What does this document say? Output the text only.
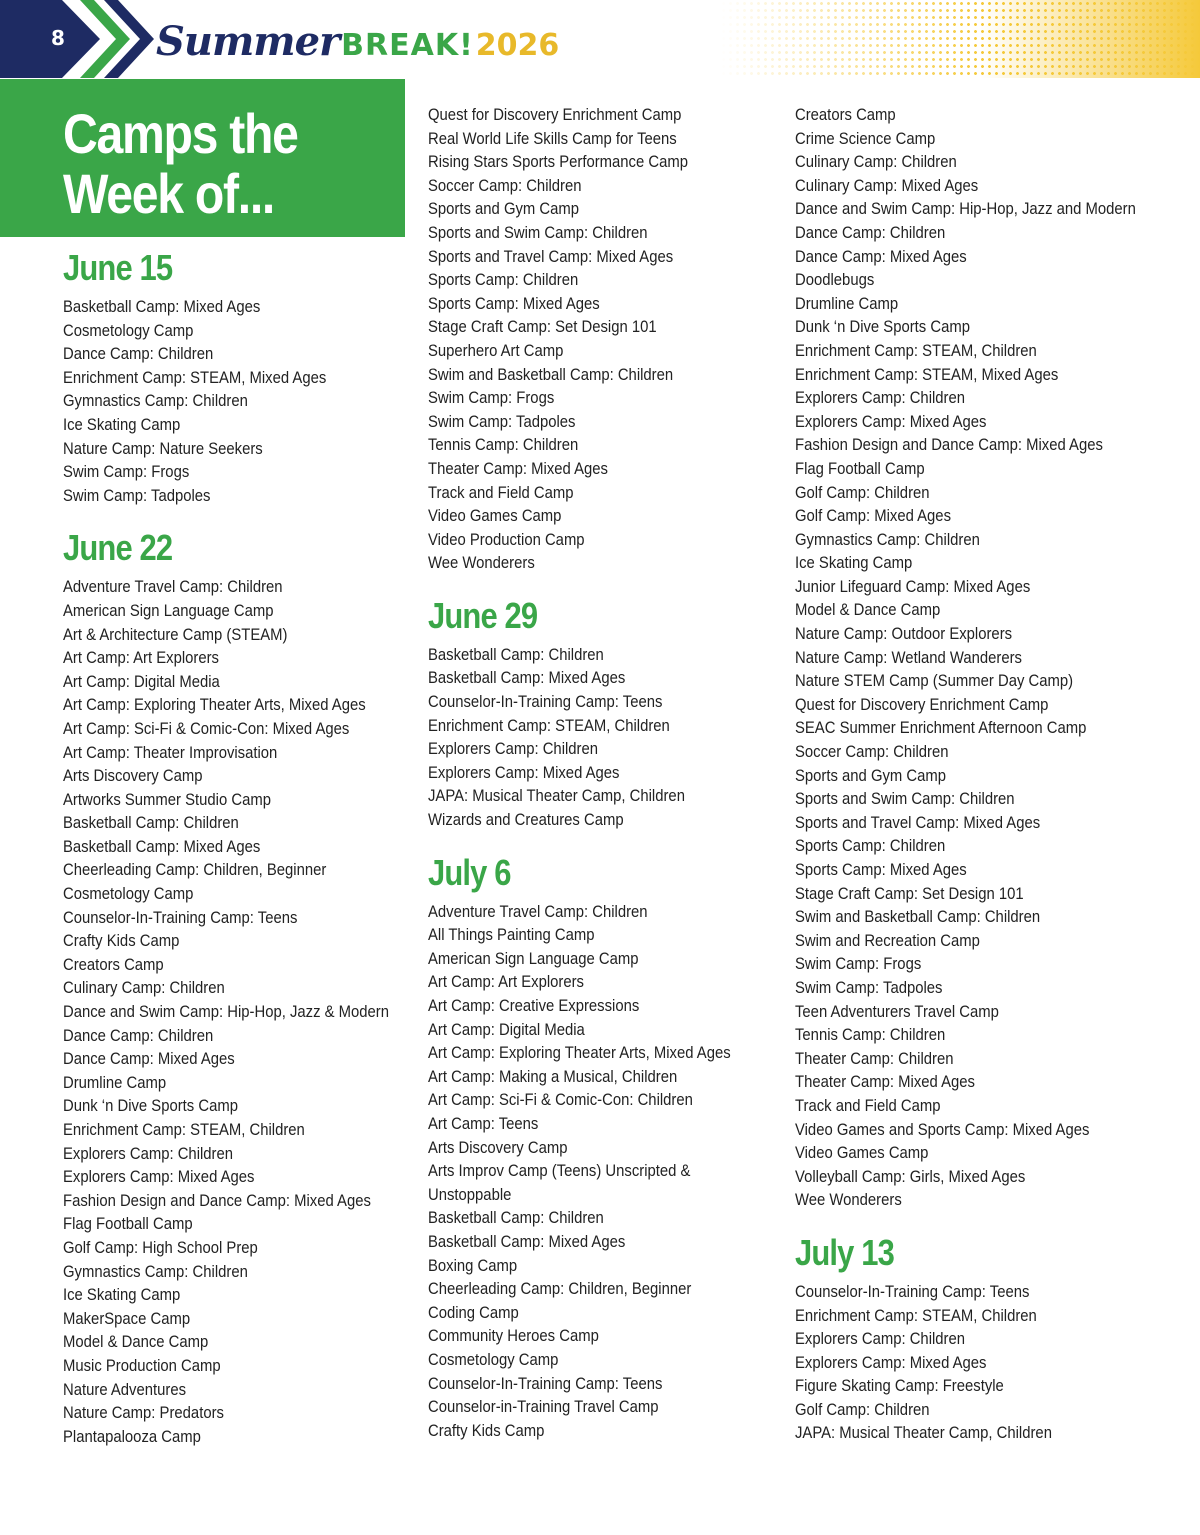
8 SummerBREAK!2026
Camps the
Week of...
June 15
Basketball Camp: Mixed Ages
Cosmetology Camp
Dance Camp: Children
Enrichment Camp: STEAM, Mixed Ages
Gymnastics Camp: Children
Ice Skating Camp
Nature Camp: Nature Seekers
Swim Camp: Frogs
Swim Camp: Tadpoles
June 22
Adventure Travel Camp: Children
American Sign Language Camp
Art & Architecture Camp (STEAM)
Art Camp: Art Explorers
Art Camp: Digital Media
Art Camp: Exploring Theater Arts, Mixed Ages
Art Camp: Sci-Fi & Comic-Con: Mixed Ages
Art Camp: Theater Improvisation
Arts Discovery Camp
Artworks Summer Studio Camp
Basketball Camp: Children
Basketball Camp: Mixed Ages
Cheerleading Camp: Children, Beginner
Cosmetology Camp
Counselor-In-Training Camp: Teens
Crafty Kids Camp
Creators Camp
Culinary Camp: Children
Dance and Swim Camp: Hip-Hop, Jazz & Modern
Dance Camp: Children
Dance Camp: Mixed Ages
Drumline Camp
Dunk ‘n Dive Sports Camp
Enrichment Camp: STEAM, Children
Explorers Camp: Children
Explorers Camp: Mixed Ages
Fashion Design and Dance Camp: Mixed Ages
Flag Football Camp
Golf Camp: High School Prep
Gymnastics Camp: Children
Ice Skating Camp
MakerSpace Camp
Model & Dance Camp
Music Production Camp
Nature Adventures
Nature Camp: Predators
Plantapalooza Camp
Quest for Discovery Enrichment Camp
Real World Life Skills Camp for Teens
Rising Stars Sports Performance Camp
Soccer Camp: Children
Sports and Gym Camp
Sports and Swim Camp: Children
Sports and Travel Camp: Mixed Ages
Sports Camp: Children
Sports Camp: Mixed Ages
Stage Craft Camp: Set Design 101
Superhero Art Camp
Swim and Basketball Camp: Children
Swim Camp: Frogs
Swim Camp: Tadpoles
Tennis Camp: Children
Theater Camp: Mixed Ages
Track and Field Camp
Video Games Camp
Video Production Camp
Wee Wonderers
June 29
Basketball Camp: Children
Basketball Camp: Mixed Ages
Counselor-In-Training Camp: Teens
Enrichment Camp: STEAM, Children
Explorers Camp: Children
Explorers Camp: Mixed Ages
JAPA: Musical Theater Camp, Children
Wizards and Creatures Camp
July 6
Adventure Travel Camp: Children
All Things Painting Camp
American Sign Language Camp
Art Camp: Art Explorers
Art Camp: Creative Expressions
Art Camp: Digital Media
Art Camp: Exploring Theater Arts, Mixed Ages
Art Camp: Making a Musical, Children
Art Camp: Sci-Fi & Comic-Con: Children
Art Camp: Teens
Arts Discovery Camp
Arts Improv Camp (Teens) Unscripted &
Unstoppable
Basketball Camp: Children
Basketball Camp: Mixed Ages
Boxing Camp
Cheerleading Camp: Children, Beginner
Coding Camp
Community Heroes Camp
Cosmetology Camp
Counselor-In-Training Camp: Teens
Counselor-in-Training Travel Camp
Crafty Kids Camp
Creators Camp
Crime Science Camp
Culinary Camp: Children
Culinary Camp: Mixed Ages
Dance and Swim Camp: Hip-Hop, Jazz and Modern
Dance Camp: Children
Dance Camp: Mixed Ages
Doodlebugs
Drumline Camp
Dunk ‘n Dive Sports Camp
Enrichment Camp: STEAM, Children
Enrichment Camp: STEAM, Mixed Ages
Explorers Camp: Children
Explorers Camp: Mixed Ages
Fashion Design and Dance Camp: Mixed Ages
Flag Football Camp
Golf Camp: Children
Golf Camp: Mixed Ages
Gymnastics Camp: Children
Ice Skating Camp
Junior Lifeguard Camp: Mixed Ages
Model & Dance Camp
Nature Camp: Outdoor Explorers
Nature Camp: Wetland Wanderers
Nature STEM Camp (Summer Day Camp)
Quest for Discovery Enrichment Camp
SEAC Summer Enrichment Afternoon Camp
Soccer Camp: Children
Sports and Gym Camp
Sports and Swim Camp: Children
Sports and Travel Camp: Mixed Ages
Sports Camp: Children
Sports Camp: Mixed Ages
Stage Craft Camp: Set Design 101
Swim and Basketball Camp: Children
Swim and Recreation Camp
Swim Camp: Frogs
Swim Camp: Tadpoles
Teen Adventurers Travel Camp
Tennis Camp: Children
Theater Camp: Children
Theater Camp: Mixed Ages
Track and Field Camp
Video Games and Sports Camp: Mixed Ages
Video Games Camp
Volleyball Camp: Girls, Mixed Ages
Wee Wonderers
July 13
Counselor-In-Training Camp: Teens
Enrichment Camp: STEAM, Children
Explorers Camp: Children
Explorers Camp: Mixed Ages
Figure Skating Camp: Freestyle
Golf Camp: Children
JAPA: Musical Theater Camp, Children
